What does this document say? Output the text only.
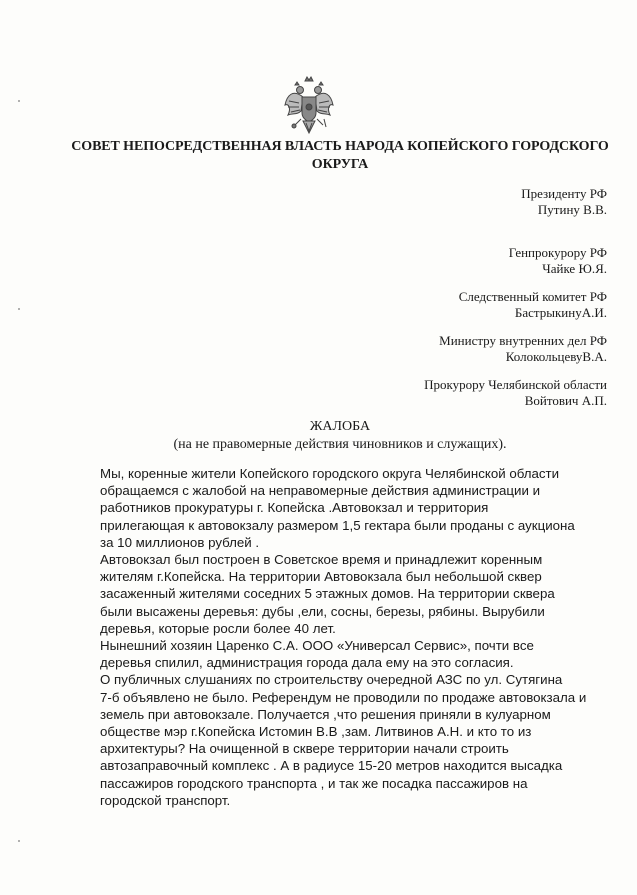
СОВЕТ НЕПОСРЕДСТВЕННАЯ ВЛАСТЬ НАРОДА КОПЕЙСКОГО ГОРОДСКОГО
ОКРУГА
Президенту РФ
Путину В.В.
Генпрокурору РФ
Чайке Ю.Я.
Следственный комитет РФ
БастрыкинуА.И.
Министру внутренних дел РФ
КолокольцевуВ.А.
Прокурору Челябинской области
Войтович А.П.
ЖАЛОБА
(на не правомерные действия чиновников и служащих).

Мы, коренные жители Копейского городского округа Челябинской области

обращаемся с жалобой на неправомерные действия администрации и

работников прокуратуры г. Копейска .Автовокзал и территория

прилегающая к автовокзалу размером 1,5 гектара были проданы с аукциона

за 10 миллионов рублей .

Автовокзал был построен в Советское время и принадлежит коренным

жителям г.Копейска. На территории Автовокзала был небольшой сквер

засаженный жителями соседних 5 этажных домов. На территории сквера

были высажены деревья: дубы ,ели, сосны, березы, рябины. Вырубили

деревья, которые росли более 40 лет.

Нынешний хозяин Царенко С.А. ООО «Универсал Сервис», почти все

деревья спилил, администрация города дала ему на это согласия.

О публичных слушаниях по строительству очередной АЗС по ул. Сутягина

7-б объявлено не было. Референдум не проводили по продаже автовокзала и

земель при автовокзале. Получается ,что решения приняли в кулуарном

обществе мэр г.Копейска Истомин В.В ,зам. Литвинов А.Н. и кто то из

архитектуры? На очищенной в сквере территории начали строить

автозаправочный комплекс . А в радиусе 15-20 метров находится высадка

пассажиров городского транспорта , и так же посадка пассажиров на

городской транспорт.
